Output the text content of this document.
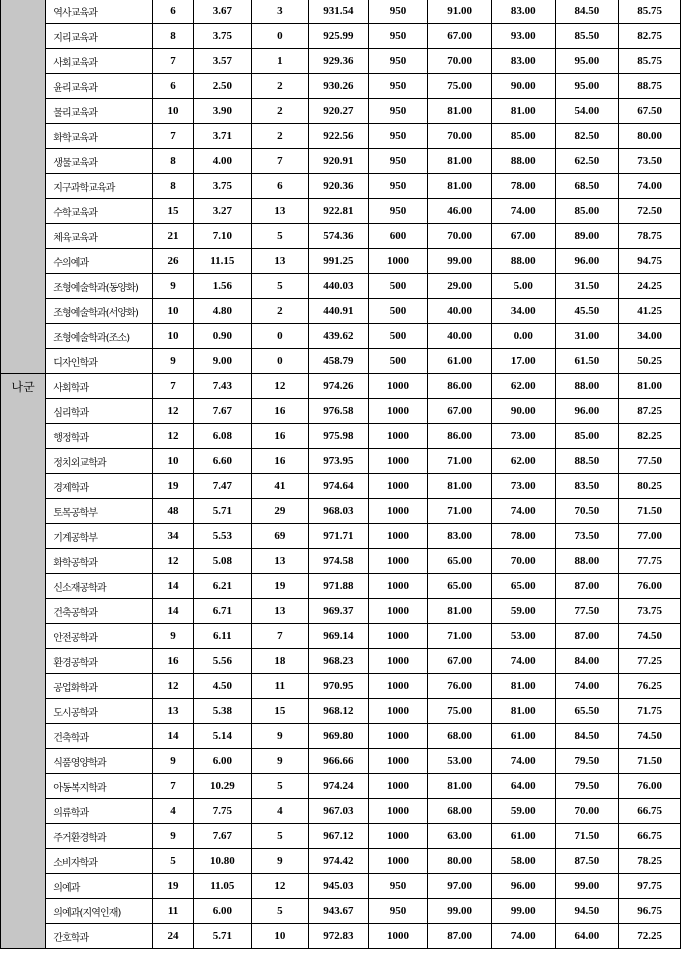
	역사교육과	6	3.67	3	931.54	950	91.00	83.00	84.50	85.75
	지리교육과	8	3.75	0	925.99	950	67.00	93.00	85.50	82.75
	사회교육과	7	3.57	1	929.36	950	70.00	83.00	95.00	85.75
	윤리교육과	6	2.50	2	930.26	950	75.00	90.00	95.00	88.75
	물리교육과	10	3.90	2	920.27	950	81.00	81.00	54.00	67.50
	화학교육과	7	3.71	2	922.56	950	70.00	85.00	82.50	80.00
	생물교육과	8	4.00	7	920.91	950	81.00	88.00	62.50	73.50
	지구과학교육과	8	3.75	6	920.36	950	81.00	78.00	68.50	74.00
	수학교육과	15	3.27	13	922.81	950	46.00	74.00	85.00	72.50
	체육교육과	21	7.10	5	574.36	600	70.00	67.00	89.00	78.75
	수의예과	26	11.15	13	991.25	1000	99.00	88.00	96.00	94.75
	조형예술학과(동양화)	9	1.56	5	440.03	500	29.00	5.00	31.50	24.25
	조형예술학과(서양화)	10	4.80	2	440.91	500	40.00	34.00	45.50	41.25
	조형예술학과(조소)	10	0.90	0	439.62	500	40.00	0.00	31.00	34.00
	디자인학과	9	9.00	0	458.79	500	61.00	17.00	61.50	50.25

나군	사회학과	7	7.43	12	974.26	1000	86.00	62.00	88.00	81.00
	심리학과	12	7.67	16	976.58	1000	67.00	90.00	96.00	87.25
	행정학과	12	6.08	16	975.98	1000	86.00	73.00	85.00	82.25
	정치외교학과	10	6.60	16	973.95	1000	71.00	62.00	88.50	77.50
	경제학과	19	7.47	41	974.64	1000	81.00	73.00	83.50	80.25
	토목공학부	48	5.71	29	968.03	1000	71.00	74.00	70.50	71.50
	기계공학부	34	5.53	69	971.71	1000	83.00	78.00	73.50	77.00
	화학공학과	12	5.08	13	974.58	1000	65.00	70.00	88.00	77.75
	신소재공학과	14	6.21	19	971.88	1000	65.00	65.00	87.00	76.00
	건축공학과	14	6.71	13	969.37	1000	81.00	59.00	77.50	73.75
	안전공학과	9	6.11	7	969.14	1000	71.00	53.00	87.00	74.50
	환경공학과	16	5.56	18	968.23	1000	67.00	74.00	84.00	77.25
	공업화학과	12	4.50	11	970.95	1000	76.00	81.00	74.00	76.25
	도시공학과	13	5.38	15	968.12	1000	75.00	81.00	65.50	71.75
	건축학과	14	5.14	9	969.80	1000	68.00	61.00	84.50	74.50
	식품영양학과	9	6.00	9	966.66	1000	53.00	74.00	79.50	71.50
	아동복지학과	7	10.29	5	974.24	1000	81.00	64.00	79.50	76.00
	의류학과	4	7.75	4	967.03	1000	68.00	59.00	70.00	66.75
	주거환경학과	9	7.67	5	967.12	1000	63.00	61.00	71.50	66.75
	소비자학과	5	10.80	9	974.42	1000	80.00	58.00	87.50	78.25
	의예과	19	11.05	12	945.03	950	97.00	96.00	99.00	97.75
	의예과(지역인재)	11	6.00	5	943.67	950	99.00	99.00	94.50	96.75
	간호학과	24	5.71	10	972.83	1000	87.00	74.00	64.00	72.25
